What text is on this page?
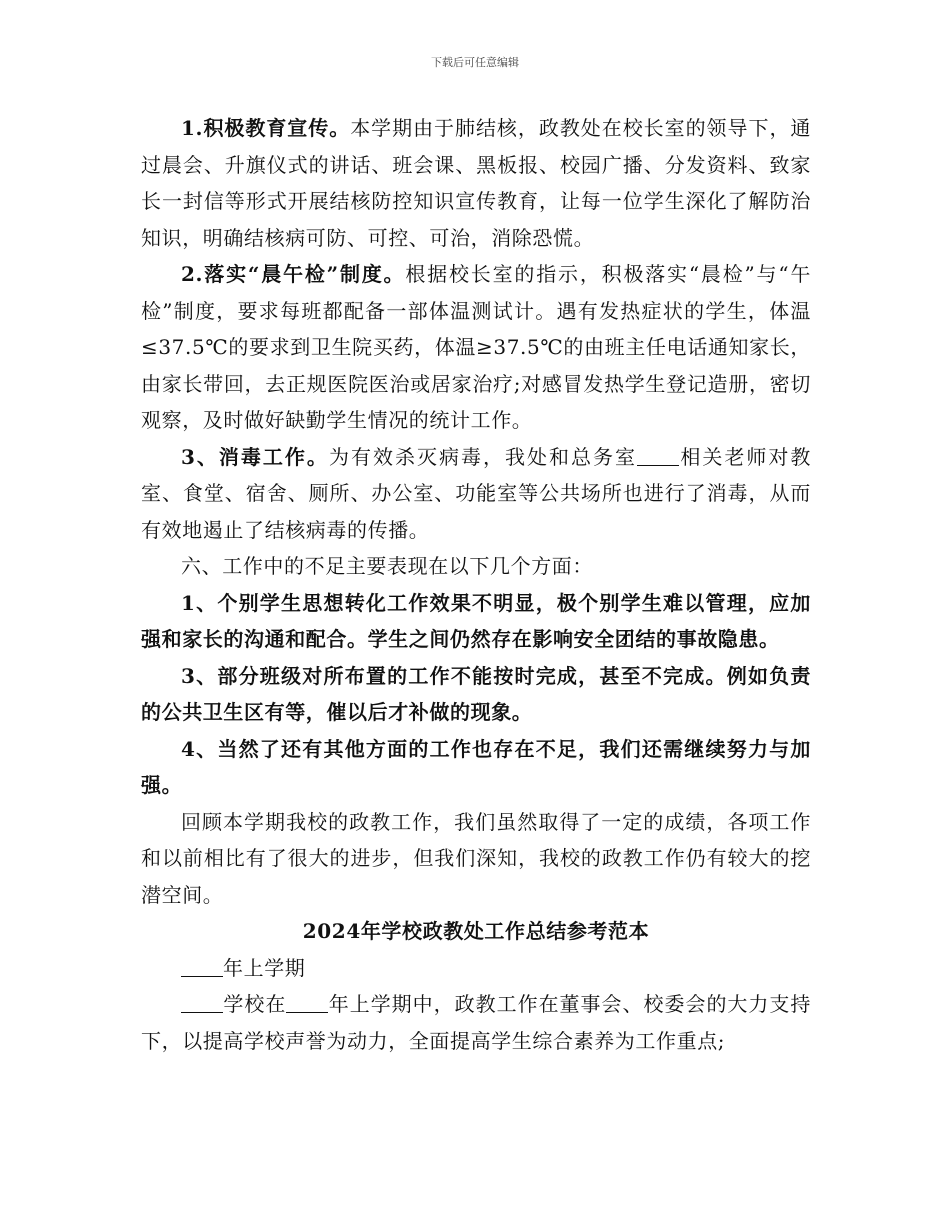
下载后可任意编辑

1.积极教育宣传。本学期由于肺结核，政教处在校长室的领导下，通过晨会、升旗仪式的讲话、班会课、黑板报、校园广播、分发资料、致家长一封信等形式开展结核防控知识宣传教育，让每一位学生深化了解防治知识，明确结核病可防、可控、可治，消除恐慌。

2.落实“晨午检”制度。根据校长室的指示，积极落实“晨检”与“午检”制度，要求每班都配备一部体温测试计。遇有发热症状的学生，体温≤37.5℃的要求到卫生院买药，体温≥37.5℃的由班主任电话通知家长，由家长带回，去正规医院医治或居家治疗;对感冒发热学生登记造册，密切观察，及时做好缺勤学生情况的统计工作。

3、消毒工作。为有效杀灭病毒，我处和总务室 相关老师对教室、食堂、宿舍、厕所、办公室、功能室等公共场所也进行了消毒，从而有效地遏止了结核病毒的传播。

六、工作中的不足主要表现在以下几个方面：

1、个别学生思想转化工作效果不明显，极个别学生难以管理，应加强和家长的沟通和配合。学生之间仍然存在影响安全团结的事故隐患。

3、部分班级对所布置的工作不能按时完成，甚至不完成。例如负责的公共卫生区有等，催以后才补做的现象。

4、当然了还有其他方面的工作也存在不足，我们还需继续努力与加强。

回顾本学期我校的政教工作，我们虽然取得了一定的成绩，各项工作和以前相比有了很大的进步，但我们深知，我校的政教工作仍有较大的挖潜空间。

2024年学校政教处工作总结参考范本

年上学期

学校在 年上学期中，政教工作在董事会、校委会的大力支持下，以提高学校声誉为动力，全面提高学生综合素养为工作重点;
